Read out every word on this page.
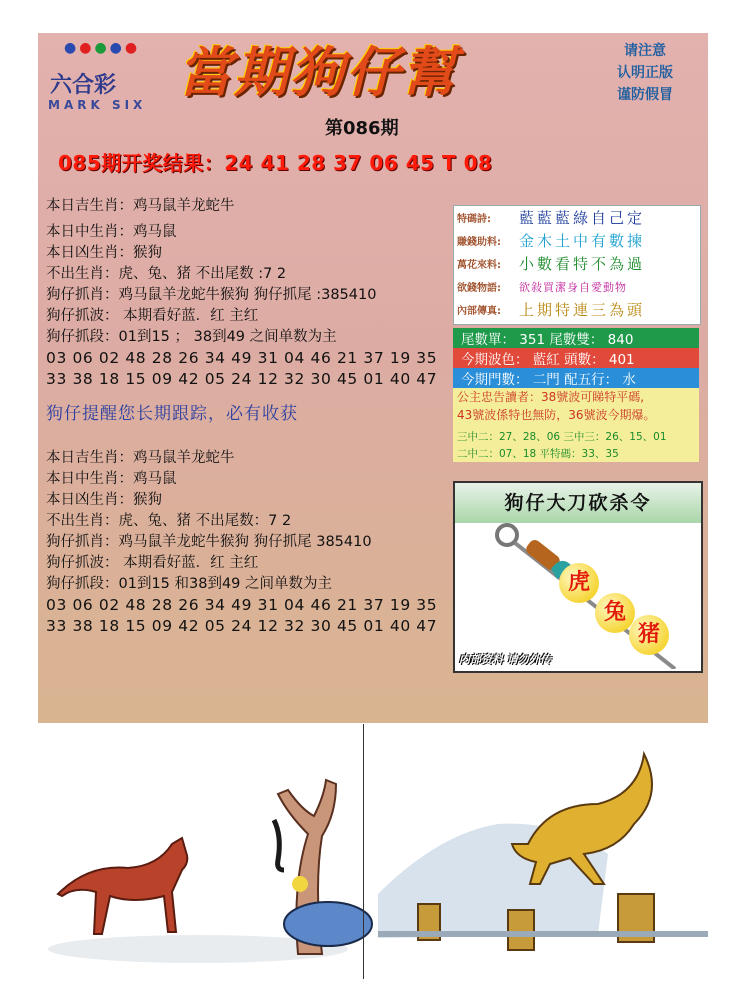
●●●●●
六合彩
MARK SIX
當期狗仔幫	请注意
认明正版
谨防假冒
第086期
085期开奖结果：24 41 28 37 06 45 T 08
本日吉生肖：鸡马鼠羊龙蛇牛
本日中生肖：鸡马鼠
本日凶生肖：猴狗
不出生肖：虎、兔、猪 不出尾数 :7 2
狗仔抓肖：鸡马鼠羊龙蛇牛猴狗 狗仔抓尾 :385410
狗仔抓波： 本期看好蓝．红 主红
狗仔抓段：01到15 ； 38到49 之间单数为主
03 06 02 48 28 26 34 49 31 04 46 21 37 19 35
33 38 18 15 09 42 05 24 12 32 30 45 01 40 47
狗仔提醒您长期跟踪，必有收获
本日吉生肖：鸡马鼠羊龙蛇牛
本日中生肖：鸡马鼠
本日凶生肖：猴狗
不出生肖：虎、兔、猪 不出尾数：7 2
狗仔抓肖：鸡马鼠羊龙蛇牛猴狗 狗仔抓尾 385410
狗仔抓波： 本期看好蓝．红 主红
狗仔抓段：01到15 和38到49 之间单数为主
03 06 02 48 28 26 34 49 31 04 46 21 37 19 35
33 38 18 15 09 42 05 24 12 32 30 45 01 40 47
特碼詩:	藍藍藍綠自己定
賺錢助料:	金木土中有數揀
萬花來料:	小數看特不為過
欲錢物語:	欲敍買潔身自愛動物
內部傳真:	上期特連三為頭
尾數單： 351 尾數雙： 840
今期波色： 藍紅 頭數： 401
今期門數： 二門 配五行： 水
公主忠告讀者：38號波可睇特平碼,
43號波係特也無防，36號波今期爆。
三中二：27、28、06 三中三：26、15、01
二中二：07、18 平特碼：33、35
狗仔大刀砍杀令
虎
兔
猪
内部资料 请勿外传
